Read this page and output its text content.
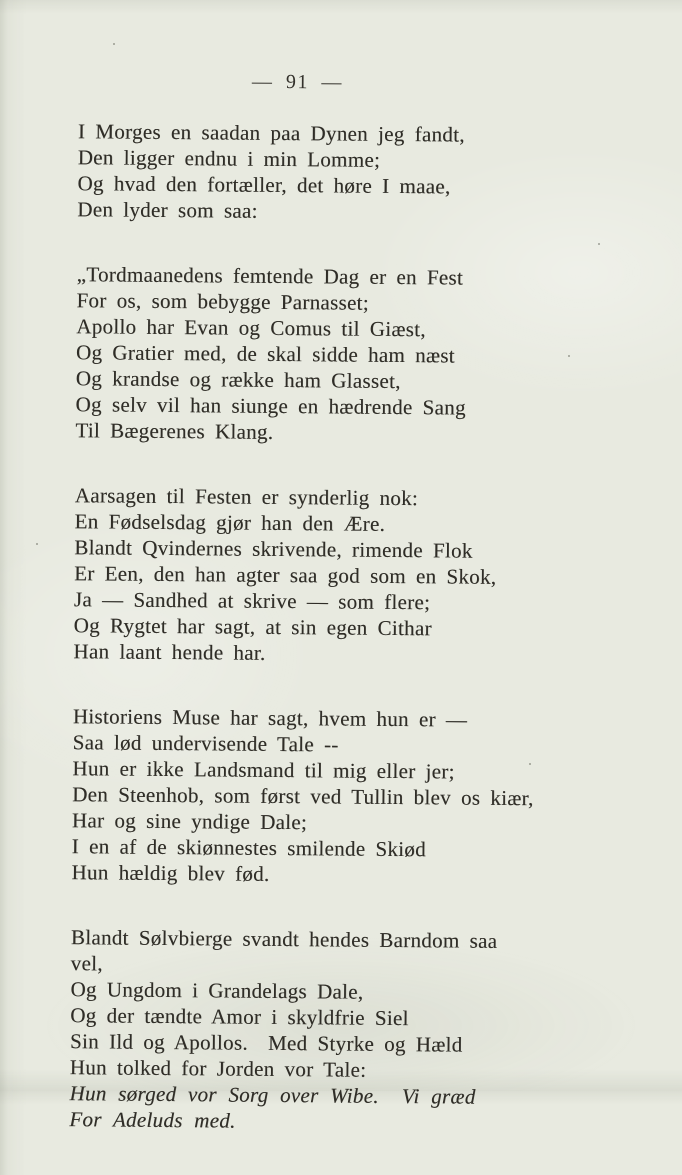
— 91 —
I Morges en saadan paa Dynen jeg fandt,
Den ligger endnu i min Lomme;
Og hvad den fortæller, det høre I maae,
Den lyder som saa:
„Tordmaanedens femtende Dag er en Fest
For os, som bebygge Parnasset;
Apollo har Evan og Comus til Giæst,
Og Gratier med, de skal sidde ham næst
Og krandse og række ham Glasset,
Og selv vil han siunge en hædrende Sang
Til Bægerenes Klang.
Aarsagen til Festen er synderlig nok:
En Fødselsdag gjør han den Ære.
Blandt Qvindernes skrivende, rimende Flok
Er Een, den han agter saa god som en Skok,
Ja — Sandhed at skrive — som flere;
Og Rygtet har sagt, at sin egen Cithar
Han laant hende har.
Historiens Muse har sagt, hvem hun er —
Saa lød undervisende Tale --
Hun er ikke Landsmand til mig eller jer;
Den Steenhob, som først ved Tullin blev os kiær,
Har og sine yndige Dale;
I en af de skiønnestes smilende Skiød
Hun hældig blev fød.
Blandt Sølvbierge svandt hendes Barndom saa vel,
Og Ungdom i Grandelags Dale,
Og der tændte Amor i skyldfrie Siel
Sin Ild og Apollos.  Med Styrke og Hæld
Hun tolked for Jorden vor Tale:
Hun sørged vor Sorg over Wibe.  Vi græd
For Adeluds med.
